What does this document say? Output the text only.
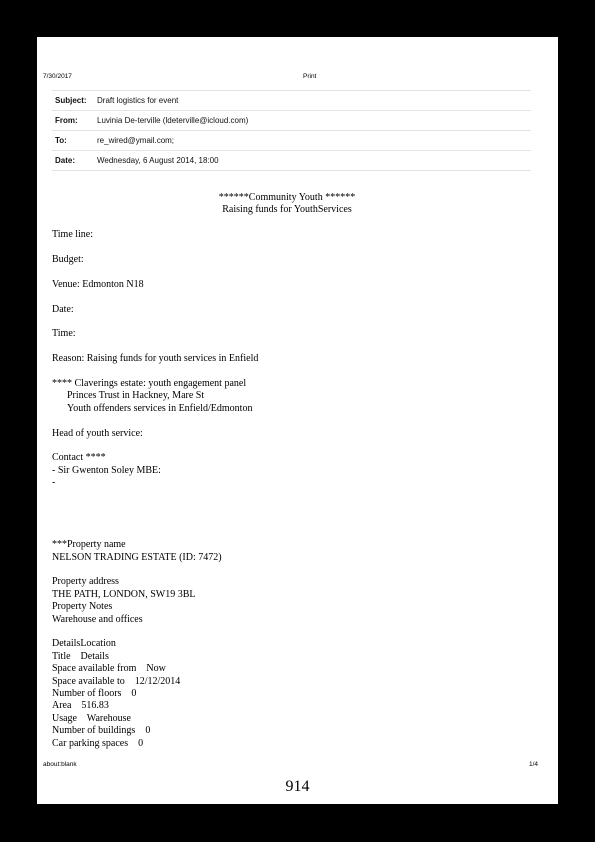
7/30/2017	Print
Subject: Draft logistics for event
From: Luvinia De-terville (ldeterville@icloud.com)
To:	re_wired@ymail.com;
Date:	Wednesday, 6 August 2014, 18:00

******Community Youth ******

Raising funds for YouthServices

Time line:

Budget:

Venue: Edmonton N18

Date:

Time:

Reason: Raising funds for youth services in Enfield

**** Claverings estate: youth engagement panel

Princes Trust in Hackney, Mare St

Youth offenders services in Enfield/Edmonton

Head of youth service:

Contact ****

- Sir Gwenton Soley MBE:

-

***Property name

NELSON TRADING ESTATE (ID: 7472)

Property address

THE PATH, LONDON, SW19 3BL

Property Notes

Warehouse and offices

DetailsLocation

Title    Details

Space available from    Now

Space available to    12/12/2014

Number of floors    0

Area    516.83

Usage    Warehouse

Number of buildings    0

Car parking spaces    0

about:blank	1/4
914
